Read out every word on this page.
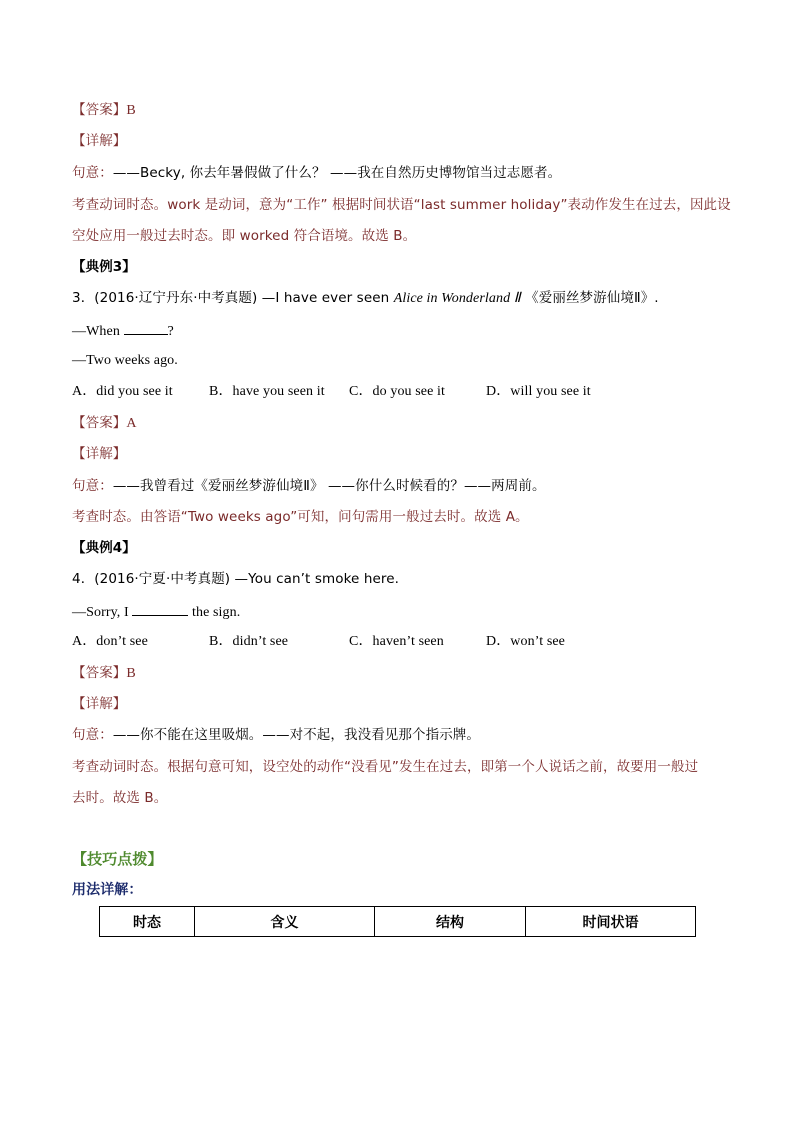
【答案】B
【详解】
句意：——Becky, 你去年暑假做了什么？ ——我在自然历史博物馆当过志愿者。
考查动词时态。work 是动词，意为“工作” 根据时间状语“last summer holiday”表动作发生在过去，因此设
空处应用一般过去时态。即 worked 符合语境。故选 B。
【典例3】
3．(2016·辽宁丹东·中考真题) —I have ever seen Alice in Wonderland Ⅱ 《爱丽丝梦游仙境Ⅱ》.
—When	?
—Two weeks ago.
A．did you see it	B．have you seen it C．do you see it	D．will you see it
【答案】A
【详解】
句意：——我曾看过《爱丽丝梦游仙境Ⅱ》 ——你什么时候看的？——两周前。
考查时态。由答语“Two weeks ago”可知，问句需用一般过去时。故选 A。
【典例4】
4．(2016·宁夏·中考真题) —You can’t smoke here.
—Sorry, I	the sign.
A．don’t see	B．didn’t see	C．haven’t seen	D．won’t see
【答案】B
【详解】
句意：——你不能在这里吸烟。——对不起，我没看见那个指示牌。
考查动词时态。根据句意可知，设空处的动作“没看见”发生在过去，即第一个人说话之前，故要用一般过
去时。故选 B。
【技巧点拨】
用法详解：
时态	含义	结构	时间状语
